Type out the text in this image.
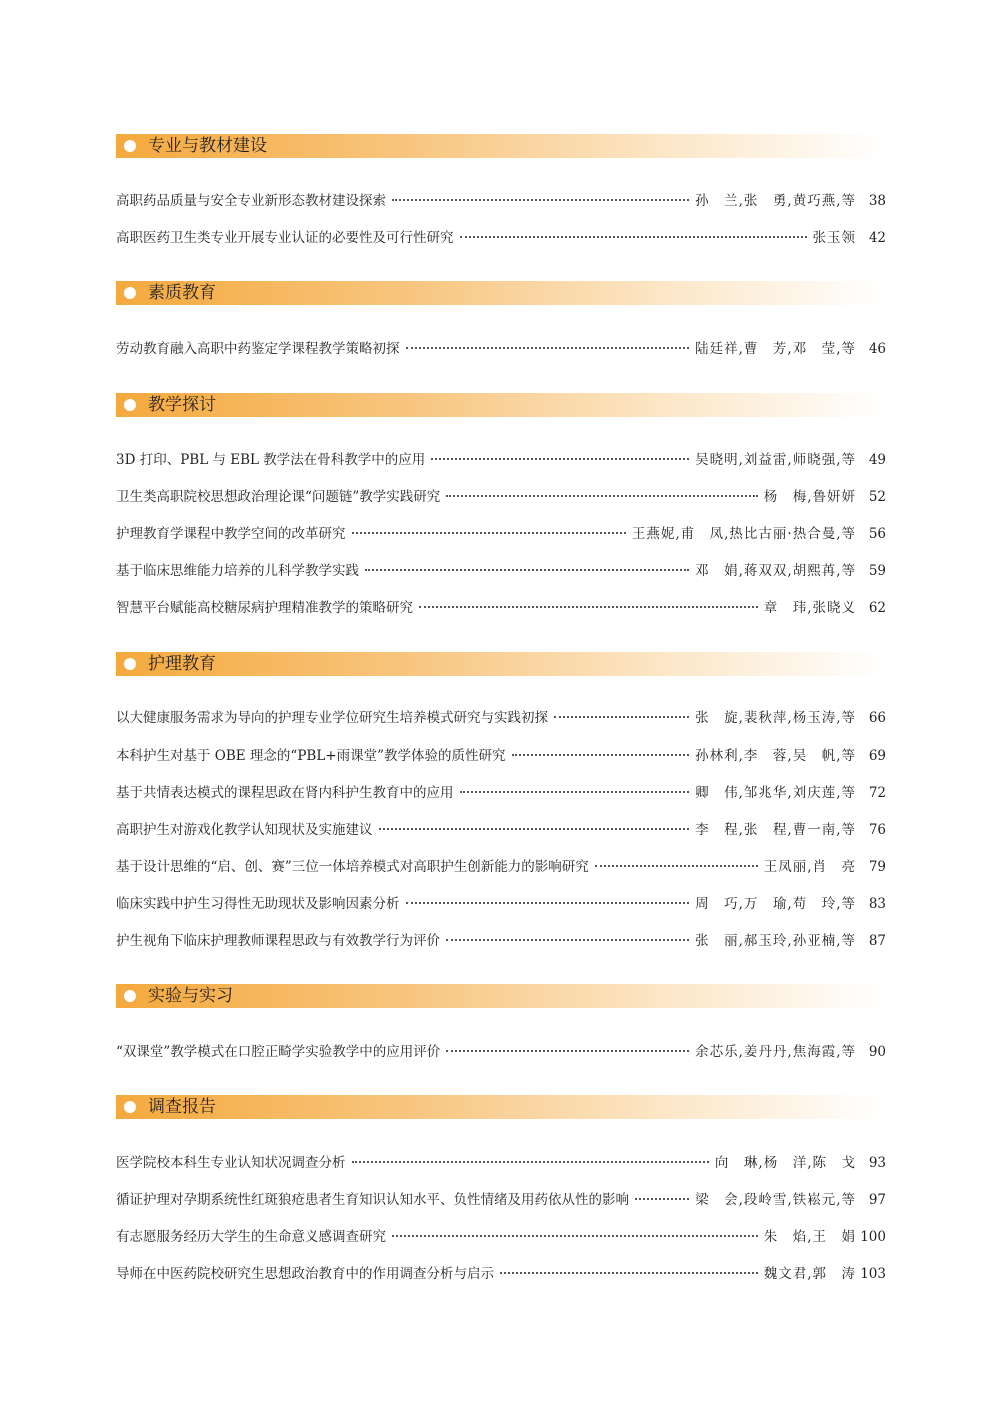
专业与教材建设
高职药品质量与安全专业新形态教材建设探索	孙　兰,张　勇,黄巧燕,等 38
高职医药卫生类专业开展专业认证的必要性及可行性研究	张玉领 42
素质教育
劳动教育融入高职中药鉴定学课程教学策略初探	陆廷祥,曹　芳,邓　莹,等 46
教学探讨
3D 打印、PBL 与 EBL 教学法在骨科教学中的应用	吴晓明,刘益雷,师晓强,等 49
卫生类高职院校思想政治理论课“问题链”教学实践研究	杨　梅,鲁妍妍 52
护理教育学课程中教学空间的改革研究	王燕妮,甫　凤,热比古丽·热合曼,等 56
基于临床思维能力培养的儿科学教学实践	邓　娟,蒋双双,胡熙苒,等 59
智慧平台赋能高校糖尿病护理精准教学的策略研究	章　玮,张晓义 62
护理教育
以大健康服务需求为导向的护理专业学位研究生培养模式研究与实践初探	张　旋,裴秋萍,杨玉涛,等 66
本科护生对基于 OBE 理念的“PBL+雨课堂”教学体验的质性研究	孙林利,李　蓉,吴　帆,等 69
基于共情表达模式的课程思政在肾内科护生教育中的应用	卿　伟,邹兆华,刘庆莲,等 72
高职护生对游戏化教学认知现状及实施建议	李　程,张　程,曹一南,等 76
基于设计思维的“启、创、赛”三位一体培养模式对高职护生创新能力的影响研究	王凤丽,肖　亮 79
临床实践中护生习得性无助现状及影响因素分析	周　巧,万　瑜,苟　玲,等 83
护生视角下临床护理教师课程思政与有效教学行为评价	张　丽,郝玉玲,孙亚楠,等 87
实验与实习
“双课堂”教学模式在口腔正畸学实验教学中的应用评价	余芯乐,姜丹丹,焦海霞,等 90
调查报告
医学院校本科生专业认知状况调查分析	向　琳,杨　洋,陈　戈 93
循证护理对孕期系统性红斑狼疮患者生育知识认知水平、负性情绪及用药依从性的影响	梁　会,段岭雪,铁崧元,等 97
有志愿服务经历大学生的生命意义感调查研究	朱　焰,王　娟 100
导师在中医药院校研究生思想政治教育中的作用调查分析与启示	魏文君,郭　涛 103
